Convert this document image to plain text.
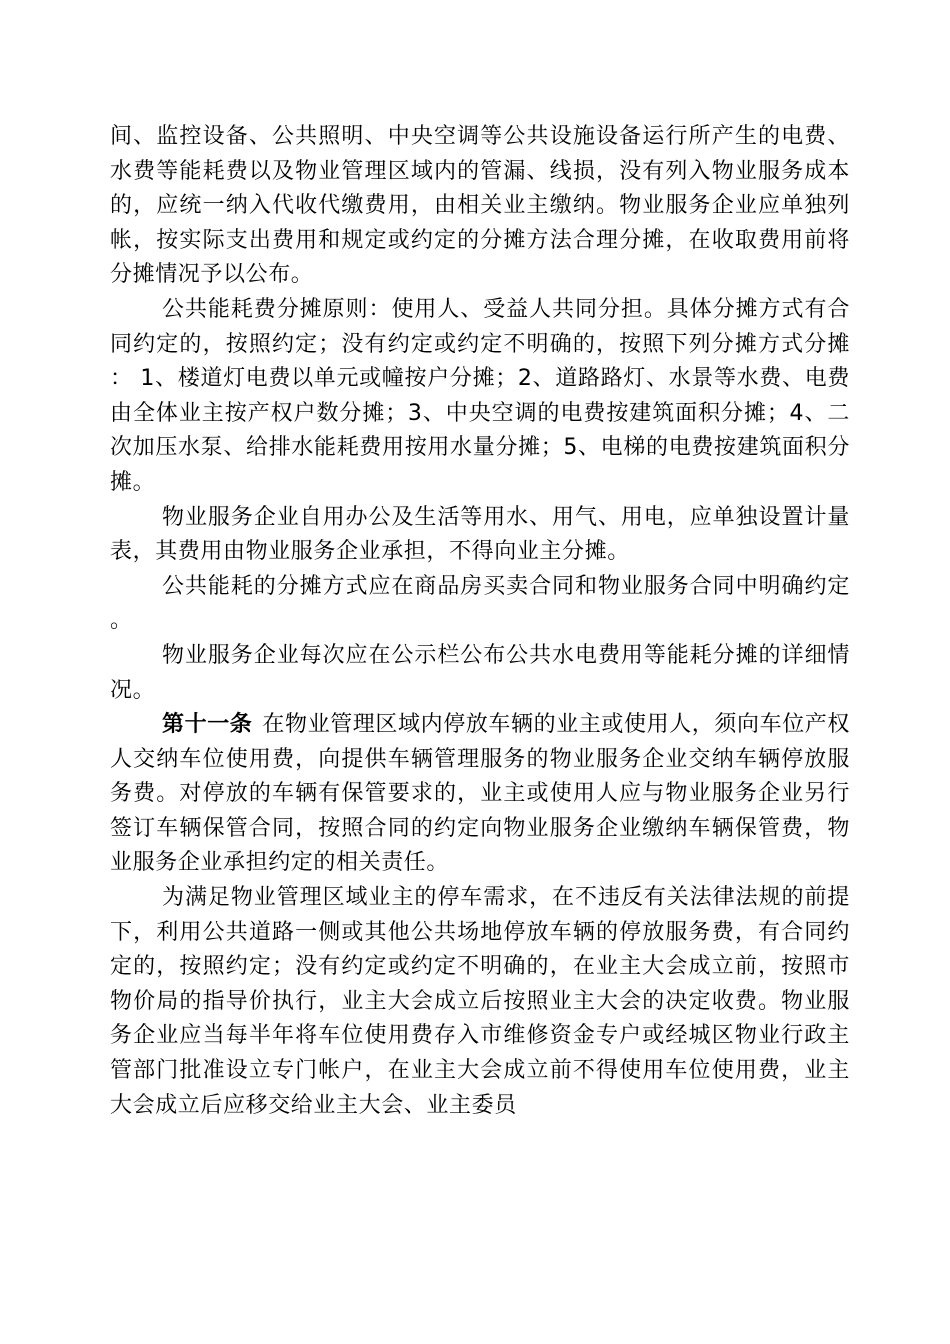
间、监控设备、公共照明、中央空调等公共设施设备运行所产生的电费、水费等能耗费以及物业管理区域内的管漏、线损，没有列入物业服务成本的，应统一纳入代收代缴费用，由相关业主缴纳。物业服务企业应单独列帐，按实际支出费用和规定或约定的分摊方法合理分摊，在收取费用前将分摊情况予以公布。

公共能耗费分摊原则：使用人、受益人共同分担。具体分摊方式有合同约定的，按照约定；没有约定或约定不明确的，按照下列分摊方式分摊： 1、楼道灯电费以单元或幢按户分摊；2、道路路灯、水景等水费、电费由全体业主按产权户数分摊；3、中央空调的电费按建筑面积分摊；4、二次加压水泵、给排水能耗费用按用水量分摊；5、电梯的电费按建筑面积分摊。

物业服务企业自用办公及生活等用水、用气、用电，应单独设置计量表，其费用由物业服务企业承担，不得向业主分摊。

公共能耗的分摊方式应在商品房买卖合同和物业服务合同中明确约定。

物业服务企业每次应在公示栏公布公共水电费用等能耗分摊的详细情况。

第十一条 在物业管理区域内停放车辆的业主或使用人，须向车位产权人交纳车位使用费，向提供车辆管理服务的物业服务企业交纳车辆停放服务费。对停放的车辆有保管要求的，业主或使用人应与物业服务企业另行签订车辆保管合同，按照合同的约定向物业服务企业缴纳车辆保管费，物业服务企业承担约定的相关责任。

为满足物业管理区域业主的停车需求，在不违反有关法律法规的前提下，利用公共道路一侧或其他公共场地停放车辆的停放服务费，有合同约定的，按照约定；没有约定或约定不明确的，在业主大会成立前，按照市物价局的指导价执行，业主大会成立后按照业主大会的决定收费。物业服务企业应当每半年将车位使用费存入市维修资金专户或经城区物业行政主管部门批准设立专门帐户，在业主大会成立前不得使用车位使用费，业主大会成立后应移交给业主大会、业主委员
